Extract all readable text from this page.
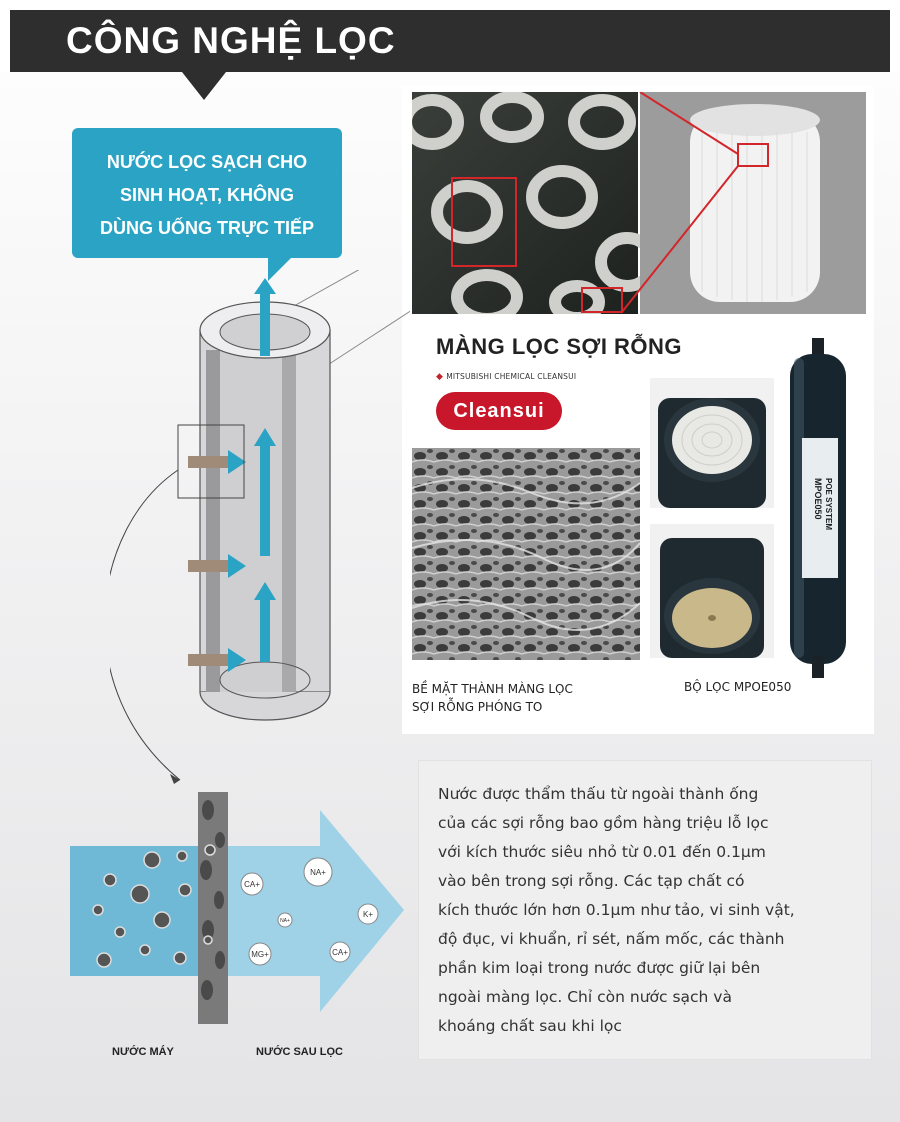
CÔNG NGHỆ LỌC
NƯỚC LỌC SẠCH CHO
SINH HOẠT, KHÔNG
DÙNG UỐNG TRỰC TIẾP
MÀNG LỌC SỢI RỖNG
◆ MITSUBISHI CHEMICAL CLEANSUI
Cleansui
MPOE050 POE SYSTEM
BỀ MẶT THÀNH MÀNG LỌC
SỢI RỖNG PHÓNG TO
BỘ LỌC MPOE050
NA+
CA+
NA+
K+
MG+	CA+
NƯỚC MÁY	NƯỚC SAU LỌC
Nước được thẩm thấu từ ngoài thành ống
của các sợi rỗng bao gồm hàng triệu lỗ lọc
với kích thước siêu nhỏ từ 0.01 đến 0.1µm
vào bên trong sợi rỗng. Các tạp chất có
kích thước lớn hơn 0.1µm như tảo, vi sinh vật,
độ đục, vi khuẩn, rỉ sét, nấm mốc, các thành
phần kim loại trong nước được giữ lại bên
ngoài màng lọc. Chỉ còn nước sạch và
khoáng chất sau khi lọc
